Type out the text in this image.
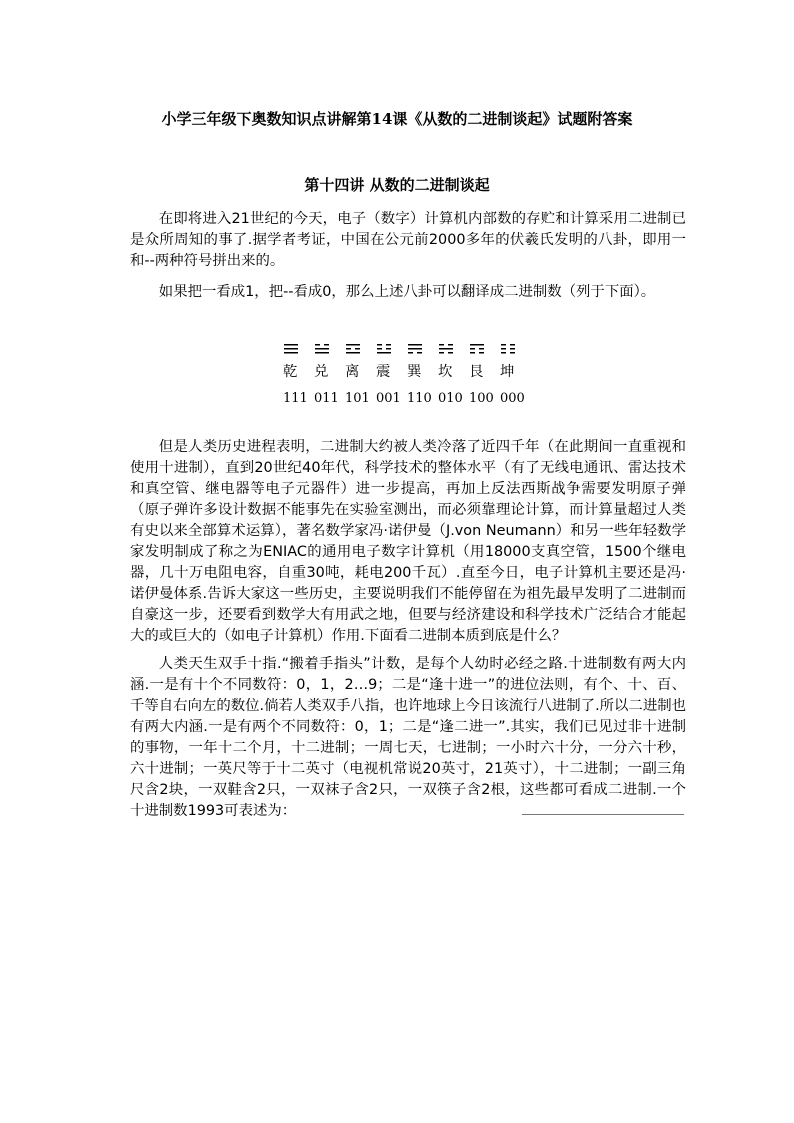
小学三年级下奥数知识点讲解第14课《从数的二进制谈起》试题附答案
第十四讲 从数的二进制谈起

在即将进入21世纪的今天，电子（数字）计算机内部数的存贮和计算采用二进制已是众所周知的事了.据学者考证，中国在公元前2000多年的伏羲氏发明的八卦，即用一和--两种符号拼出来的。

如果把一看成1，把--看成0，那么上述八卦可以翻译成二进制数（列于下面）。

乾	兑	离	震	巽	坎	艮	坤
111 011 101 001 110 010 100 000

但是人类历史进程表明，二进制大约被人类冷落了近四千年（在此期间一直重视和使用十进制），直到20世纪40年代，科学技术的整体水平（有了无线电通讯、雷达技术和真空管、继电器等电子元器件）进一步提高，再加上反法西斯战争需要发明原子弹（原子弹许多设计数据不能事先在实验室测出，而必须靠理论计算，而计算量超过人类有史以来全部算术运算），著名数学家冯·诺伊曼（J.von Neumann）和另一些年轻数学家发明制成了称之为ENIAC的通用电子数字计算机（用18000支真空管，1500个继电器，几十万电阻电容，自重30吨，耗电200千瓦）.直至今日，电子计算机主要还是冯·诺伊曼体系.告诉大家这一些历史，主要说明我们不能停留在为祖先最早发明了二进制而自豪这一步，还要看到数学大有用武之地，但要与经济建设和科学技术广泛结合才能起大的或巨大的（如电子计算机）作用.下面看二进制本质到底是什么？

人类天生双手十指.“搬着手指头”计数，是每个人幼时必经之路.十进制数有两大内涵.一是有十个不同数符：0，1，2…9；二是“逢十进一”的进位法则，有个、十、百、千等自右向左的数位.倘若人类双手八指，也许地球上今日该流行八进制了.所以二进制也有两大内涵.一是有两个不同数符：0，1；二是“逢二进一”.其实，我们已见过非十进制的事物，一年十二个月，十二进制；一周七天，七进制；一小时六十分，一分六十秒，六十进制；一英尺等于十二英寸（电视机常说20英寸，21英寸），十二进制；一副三角尺含2块，一双鞋含2只，一双袜子含2只，一双筷子含2根，这些都可看成二进制.一个十进制数1993可表述为：
